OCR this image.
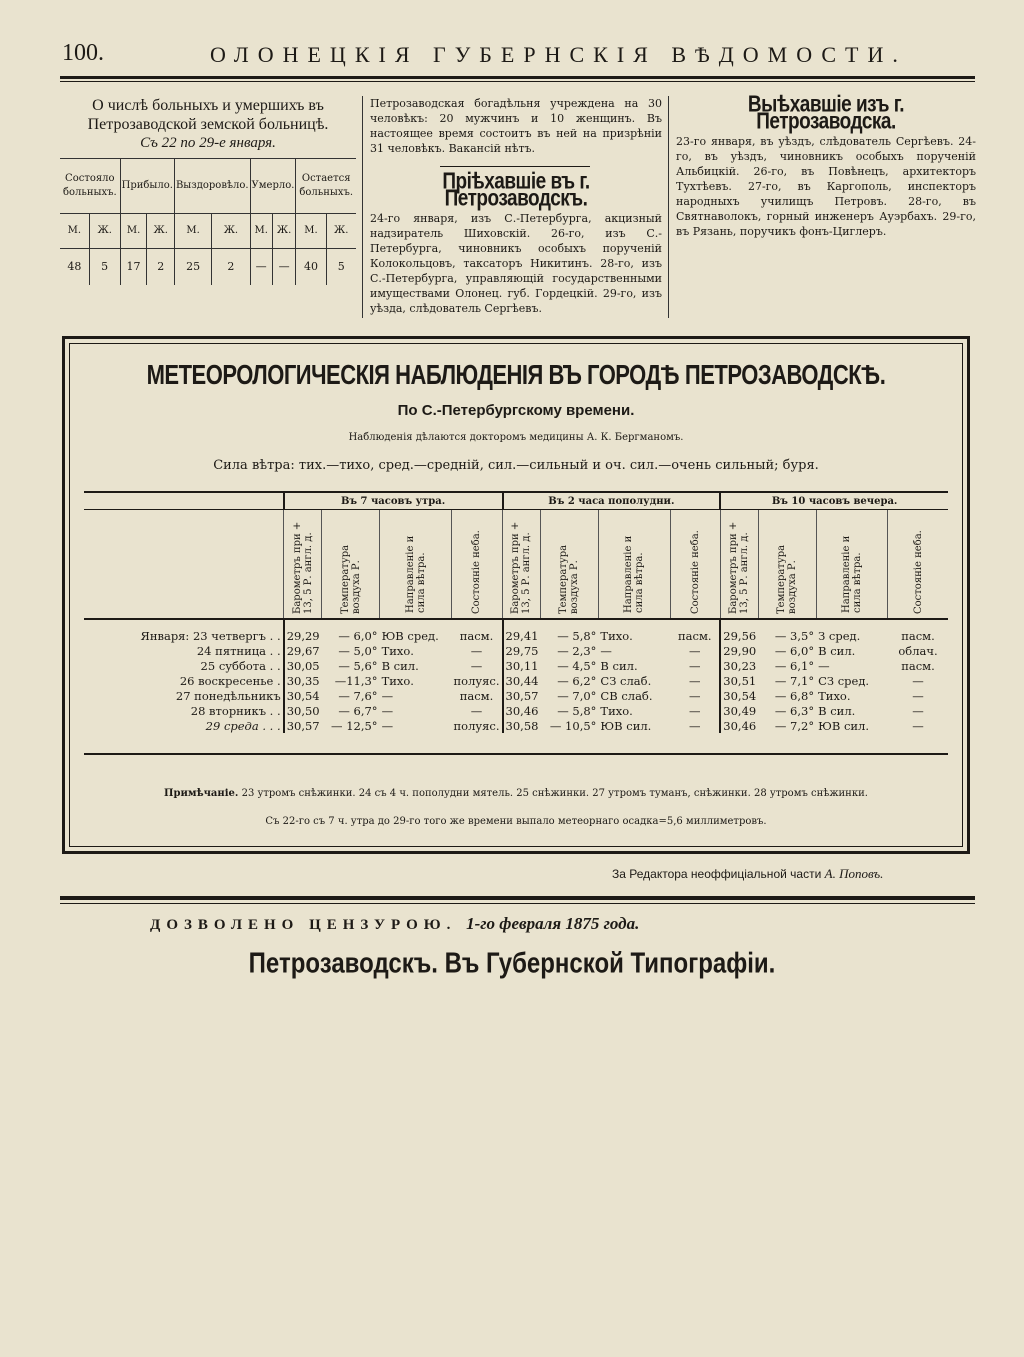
100.	ОЛОНЕЦКІЯ ГУБЕРНСКІЯ ВѢДОМОСТИ.
О числѣ больныхъ и умершихъ въ Петрозаводской земской больницѣ.
Съ 22 по 29-е января.
Состояло больныхъ.		Прибыло.		Выздоровѣло.		Умерло.		Остается больныхъ.	
М.	Ж.	М.	Ж.	М.	Ж.	М.	Ж.	М.	Ж.
48	5	17	2	25	2	—	—	40	5
Петрозаводская богадѣльня учреждена на 30 человѣкъ: 20 мужчинъ и 10 женщинъ. Въ настоящее время состоитъ въ ней на призрѣніи 31 человѣкъ. Вакансій нѣтъ.
Пріѣхавшіе въ г. Петрозаводскъ.
24-го января, изъ С.-Петербурга, акцизный надзиратель Шиховскій. 26-го, изъ С.-Петербурга, чиновникъ особыхъ порученій Колокольцовъ, таксаторъ Никитинъ. 28-го, изъ С.-Петербурга, управляющій государственными имуществами Олонец. губ. Гордецкій. 29-го, изъ уѣзда, слѣдователь Сергѣевъ.
Выѣхавшіе изъ г. Петрозаводска.
23-го января, въ уѣздъ, слѣдователь Сергѣевъ. 24-го, въ уѣздъ, чиновникъ особыхъ порученій Альбицкій. 26-го, въ Повѣнецъ, архитекторъ Тухтѣевъ. 27-го, въ Каргополь, инспекторъ народныхъ училищъ Петровъ. 28-го, въ Святнаволокъ, горный инженеръ Ауэрбахъ. 29-го, въ Рязань, поручикъ фонъ-Циглеръ.
МЕТЕОРОЛОГИЧЕСКІЯ НАБЛЮДЕНІЯ ВЪ ГОРОДѢ ПЕТРОЗАВОДСКѢ.
По С.-Петербургскому времени.
Наблюденія дѣлаются докторомъ медицины А. К. Бергманомъ.
Сила вѣтра: тих.—тихо, сред.—средній, сил.—сильный и оч. сил.—очень сильный; буря.
	Въ 7 часовъ утра.				Въ 2 часа пополудни.				Въ 10 часовъ вечера.			

	Барометръ при + 13, 5 Р. англ. д.	Температура воздуха Р.	Направленіе исила вѣтра.	Состояніе неба.	Барометръ при + 13, 5 Р. англ. д.	Температура воздуха Р.	Направленіе исила вѣтра.	Состояніе неба.	Барометръ при + 13, 5 Р. англ. д.	Температура воздуха Р.	Направленіе исила вѣтра.	Состояніе неба.

Января: 23 четвергъ . .	29,29	— 6,0°	ЮВ сред.	пасм.	29,41	— 5,8°	Тихо.	пасм.	29,56	— 3,5°	З сред.	пасм.
24 пятница . .	29,67	— 5,0°	Тихо.	—	29,75	— 2,3°	—	—	29,90	— 6,0°	В сил.	облач.
25 суббота . .	30,05	— 5,6°	В сил.	—	30,11	— 4,5°	В сил.	—	30,23	— 6,1°	—	пасм.
26 воскресенье .	30,35	—11,3°	Тихо.	полуяс.	30,44	— 6,2°	СЗ слаб.	—	30,51	— 7,1°	СЗ сред.	—
27 понедѣльникъ	30,54	— 7,6°	—	пасм.	30,57	— 7,0°	СВ слаб.	—	30,54	— 6,8°	Тихо.	—
28 вторникъ . .	30,50	— 6,7°	—	—	30,46	— 5,8°	Тихо.	—	30,49	— 6,3°	В сил.	—
29 среда . . .	30,57	— 12,5°	—	полуяс.	30,58	— 10,5°	ЮВ сил.	—	30,46	— 7,2°	ЮВ сил.	—

Примѣчаніе. 23 утромъ снѣжинки. 24 съ 4 ч. пополудни мятель. 25 снѣжинки. 27 утромъ туманъ, снѣжинки. 28 утромъ снѣжинки.
Съ 22-го съ 7 ч. утра до 29-го того же времени выпало метеорнаго осадка=5,6 миллиметровъ.
За Редактора неоффиціальной части А. Поповъ.
ДОЗВОЛЕНО ЦЕНЗУРОЮ. 1-го февраля 1875 года.
Петрозаводскъ. Въ Губернской Типографіи.
